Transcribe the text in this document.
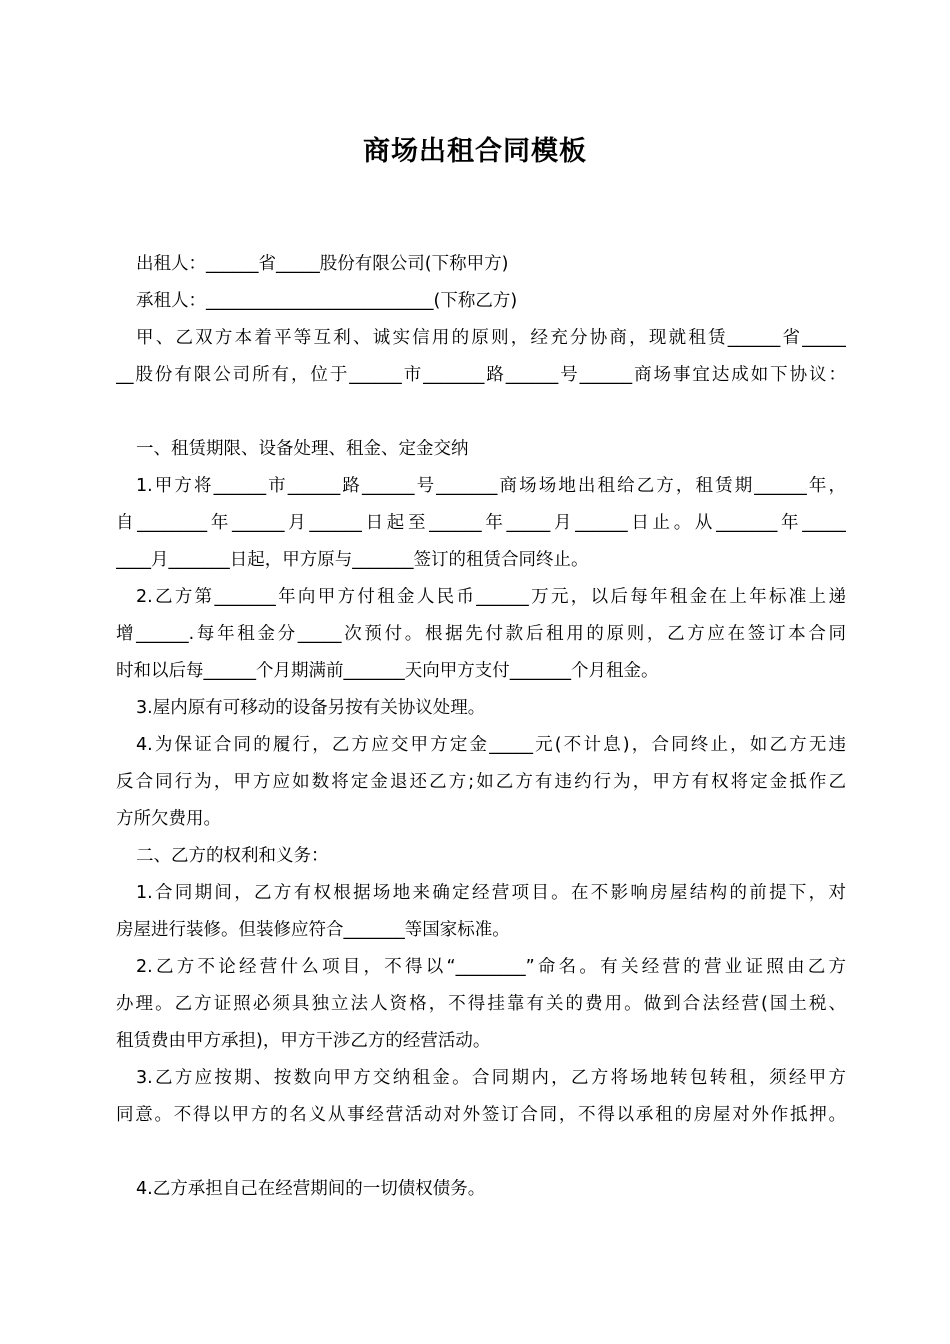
商场出租合同模板
出租人：______省_____股份有限公司(下称甲方)
承租人：__________________________(下称乙方)
甲、乙双方本着平等互利、诚实信用的原则，经充分协商，现就租赁______省_____
__股份有限公司所有，位于______市_______路______号______商场事宜达成如下协议：
一、租赁期限、设备处理、租金、定金交纳
1.甲方将______市______路______号_______商场场地出租给乙方，租赁期______年，
自________年______月______日起至______年_____月______日止。从_______年_____
____月_______日起，甲方原与_______签订的租赁合同终止。
2.乙方第_______年向甲方付租金人民币______万元，以后每年租金在上年标准上递
增______.每年租金分_____次预付。根据先付款后租用的原则，乙方应在签订本合同
时和以后每______个月期满前_______天向甲方支付_______个月租金。
3.屋内原有可移动的设备另按有关协议处理。
4.为保证合同的履行，乙方应交甲方定金_____元(不计息)，合同终止，如乙方无违
反合同行为，甲方应如数将定金退还乙方;如乙方有违约行为，甲方有权将定金抵作乙
方所欠费用。
二、乙方的权利和义务：
1.合同期间，乙方有权根据场地来确定经营项目。在不影响房屋结构的前提下，对
房屋进行装修。但装修应符合_______等国家标准。
2.乙方不论经营什么项目，不得以“________”命名。有关经营的营业证照由乙方
办理。乙方证照必须具独立法人资格，不得挂靠有关的费用。做到合法经营(国土税、
租赁费由甲方承担)，甲方干涉乙方的经营活动。
3.乙方应按期、按数向甲方交纳租金。合同期内，乙方将场地转包转租，须经甲方
同意。不得以甲方的名义从事经营活动对外签订合同，不得以承租的房屋对外作抵押。
4.乙方承担自己在经营期间的一切债权债务。
